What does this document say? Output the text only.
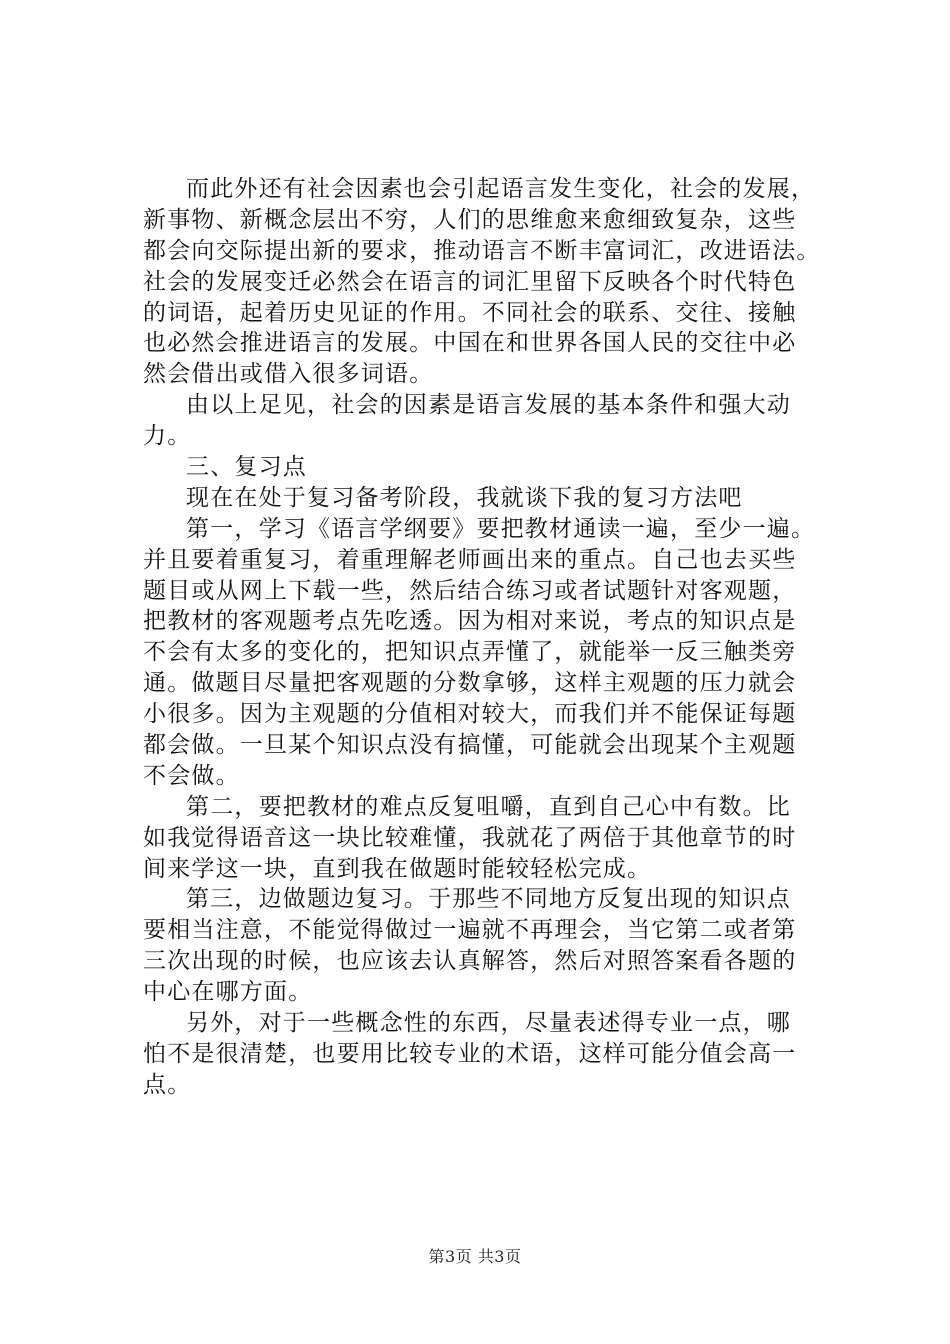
而此外还有社会因素也会引起语言发生变化，社会的发展，
新事物、新概念层出不穷，人们的思维愈来愈细致复杂，这些
都会向交际提出新的要求，推动语言不断丰富词汇，改进语法。
社会的发展变迁必然会在语言的词汇里留下反映各个时代特色
的词语，起着历史见证的作用。不同社会的联系、交往、接触
也必然会推进语言的发展。中国在和世界各国人民的交往中必
然会借出或借入很多词语。
由以上足见，社会的因素是语言发展的基本条件和强大动
力。
三、复习点
现在在处于复习备考阶段，我就谈下我的复习方法吧
第一，学习《语言学纲要》要把教材通读一遍，至少一遍。
并且要着重复习，着重理解老师画出来的重点。自己也去买些
题目或从网上下载一些，然后结合练习或者试题针对客观题，
把教材的客观题考点先吃透。因为相对来说，考点的知识点是
不会有太多的变化的，把知识点弄懂了，就能举一反三触类旁
通。做题目尽量把客观题的分数拿够，这样主观题的压力就会
小很多。因为主观题的分值相对较大，而我们并不能保证每题
都会做。一旦某个知识点没有搞懂，可能就会出现某个主观题
不会做。
第二，要把教材的难点反复咀嚼，直到自己心中有数。比
如我觉得语音这一块比较难懂，我就花了两倍于其他章节的时
间来学这一块，直到我在做题时能较轻松完成。
第三，边做题边复习。于那些不同地方反复出现的知识点
要相当注意，不能觉得做过一遍就不再理会，当它第二或者第
三次出现的时候，也应该去认真解答，然后对照答案看各题的
中心在哪方面。
另外，对于一些概念性的东西，尽量表述得专业一点，哪
怕不是很清楚，也要用比较专业的术语，这样可能分值会高一
点。
第3页 共3页
